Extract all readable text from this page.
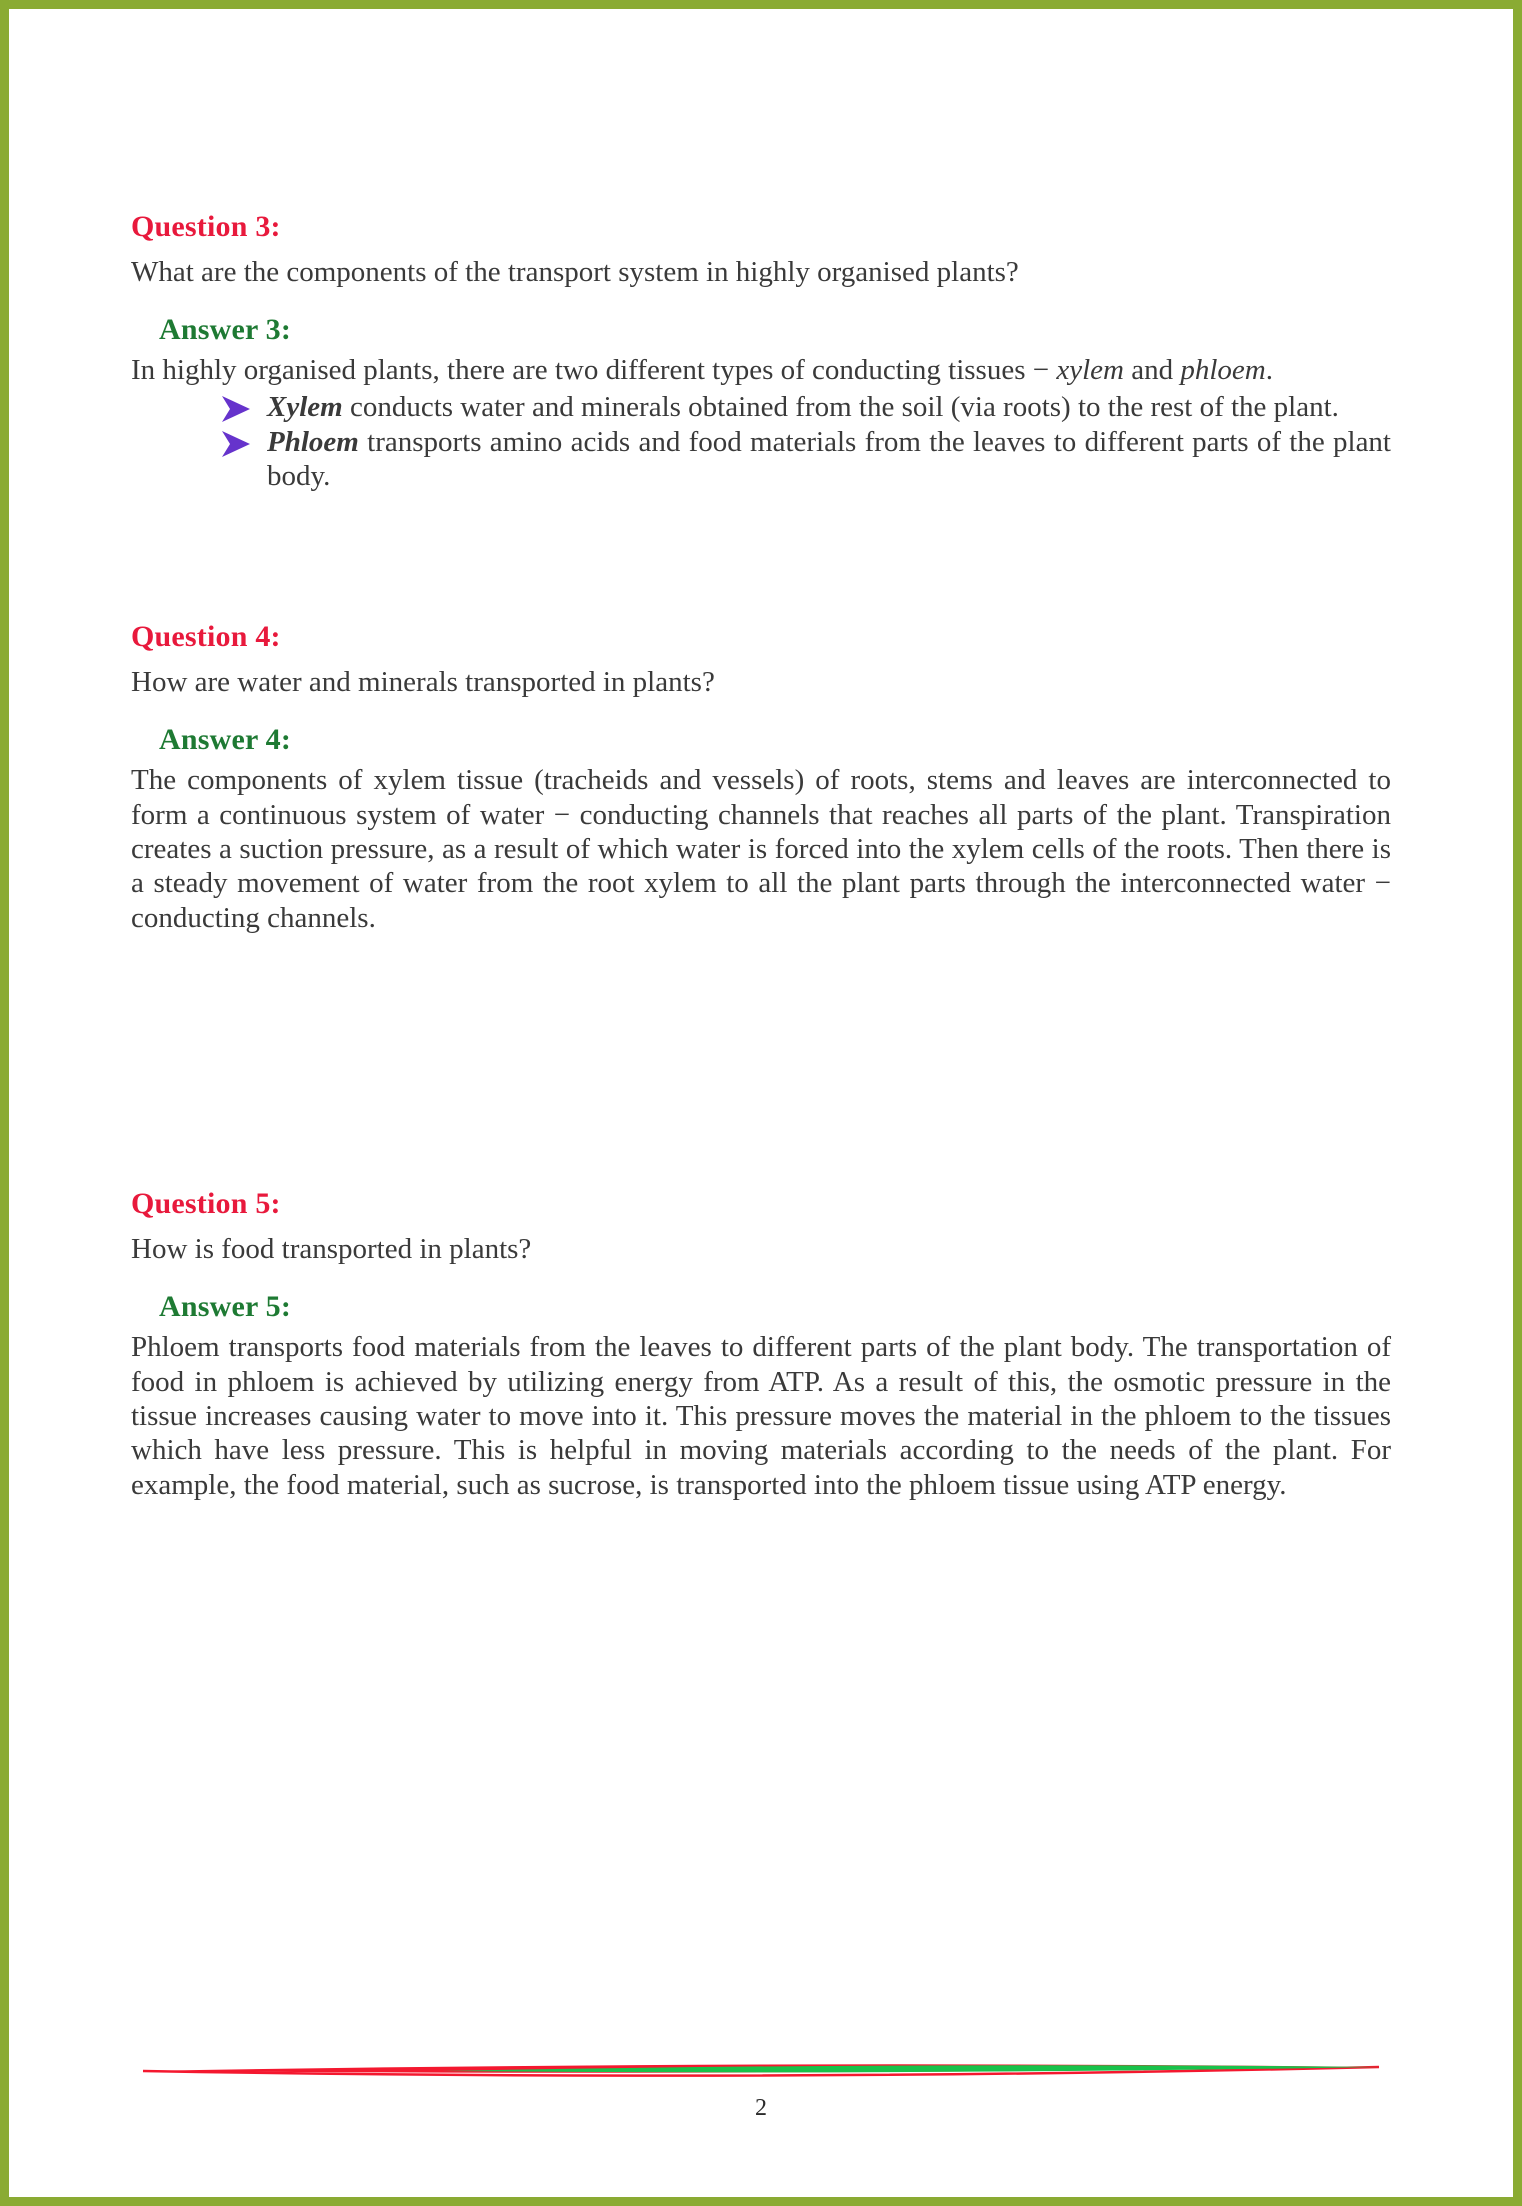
Question 3:

What are the components of the transport system in highly organised plants?

Answer 3:

In highly organised plants, there are two different types of conducting tissues − xylem and phloem.

Xylem conducts water and minerals obtained from the soil (via roots) to the rest of the plant.
Phloem transports amino acids and food materials from the leaves to different parts of the plant body.
Question 4:

How are water and minerals transported in plants?

Answer 4:

The components of xylem tissue (tracheids and vessels) of roots, stems and leaves are interconnected to form a continuous system of water − conducting channels that reaches all parts of the plant. Transpiration creates a suction pressure, as a result of which water is forced into the xylem cells of the roots. Then there is a steady movement of water from the root xylem to all the plant parts through the interconnected water − conducting channels.

Question 5:

How is food transported in plants?

Answer 5:

Phloem transports food materials from the leaves to different parts of the plant body. The transportation of food in phloem is achieved by utilizing energy from ATP. As a result of this, the osmotic pressure in the tissue increases causing water to move into it. This pressure moves the material in the phloem to the tissues which have less pressure. This is helpful in moving materials according to the needs of the plant. For example, the food material, such as sucrose, is transported into the phloem tissue using ATP energy.

2
